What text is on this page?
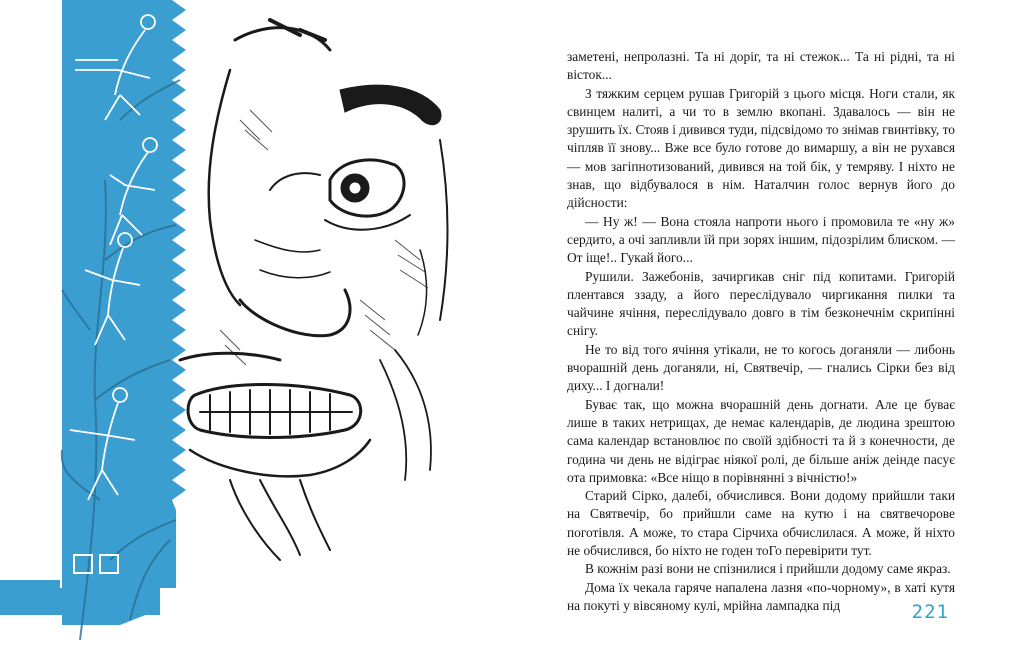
заметені, непролазні. Та ні доріг, та ні стежок... Та ні рідні, та ні вісток...

З тяжким серцем рушав Григорій з цього місця. Ноги стали, як свинцем налиті, а чи то в землю вкопані. Здавалось — він не зрушить їх. Стояв і дивився туди, підсвідомо то знімав гвинтівку, то чіпляв її знову... Вже все було готове до вимаршу, а він не рухався — мов загіпнотизований, дивився на той бік, у темряву. І ніхто не знав, що відбувалося в нім. Наталчин голос вернув його до дійсности:

— Ну ж! — Вона стояла напроти нього і промовила те «ну ж» сердито, а очі запливли їй при зорях іншим, підозрілим блиском. — От іще!.. Гукай його...

Рушили. Зажебонів, зачиргикав сніг під копитами. Григорій плентався ззаду, а його переслідувало чиргикання пилки та чайчине ячіння, переслідувало довго в тім безконечнім скрипінні снігу.

Не то від того ячіння утікали, не то когось доганяли — либонь вчорашній день доганяли, ні, Святвечір, — гнались Сірки без від диху... І догнали!

Буває так, що можна вчорашній день догнати. Але це буває лише в таких нетрищах, де немає календарів, де людина зрештою сама календар встановлює по своїй здібності та й з конечности, де година чи день не відіграє ніякої ролі, де більше аніж деінде пасує ота примовка: «Все ніщо в порівнянні з вічністю!»

Старий Сірко, далебі, обчислився. Вони додому прийшли таки на Святвечір, бо прийшли саме на кутю і на святвечорове поготівля. А може, то стара Сірчиха обчислилася. А може, й ніхто не обчислився, бо ніхто не годен тоГо перевірити тут.

В кожнім разі вони не спізнилися і прийшли додому саме якраз.

Дома їх чекала гаряче напалена лазня «по-чорному», в хаті кутя на покуті у вівсяному кулі, мрійна лампадка під	221
